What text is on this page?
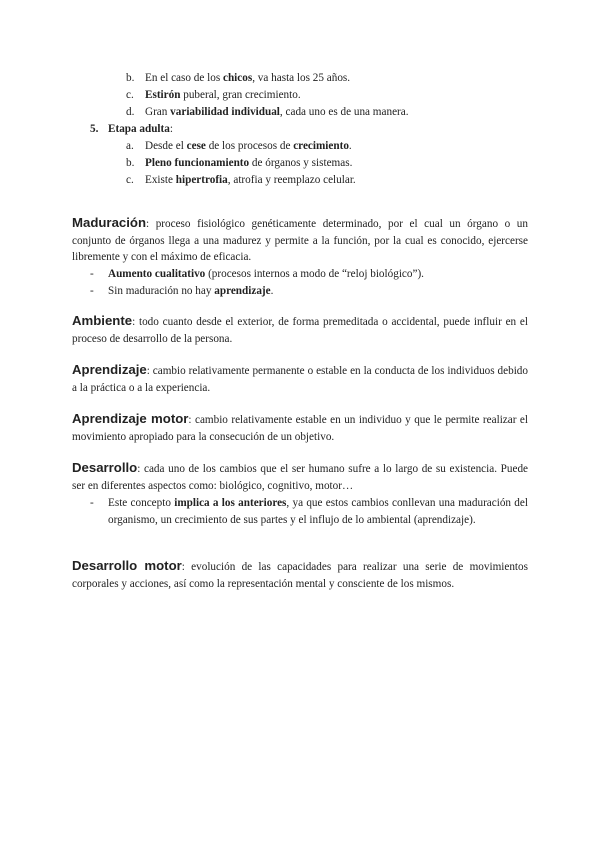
b. En el caso de los chicos, va hasta los 25 años.
c. Estirón puberal, gran crecimiento.
d. Gran variabilidad individual, cada uno es de una manera.
5. Etapa adulta:
a. Desde el cese de los procesos de crecimiento.
b. Pleno funcionamiento de órganos y sistemas.
c. Existe hipertrofia, atrofia y reemplazo celular.
Maduración: proceso fisiológico genéticamente determinado, por el cual un órgano o un conjunto de órganos llega a una madurez y permite a la función, por la cual es conocido, ejercerse libremente y con el máximo de eficacia.
- Aumento cualitativo (procesos internos a modo de “reloj biológico”).
- Sin maduración no hay aprendizaje.
Ambiente: todo cuanto desde el exterior, de forma premeditada o accidental, puede influir en el proceso de desarrollo de la persona.
Aprendizaje: cambio relativamente permanente o estable en la conducta de los individuos debido a la práctica o a la experiencia.
Aprendizaje motor: cambio relativamente estable en un individuo y que le permite realizar el movimiento apropiado para la consecución de un objetivo.
Desarrollo: cada uno de los cambios que el ser humano sufre a lo largo de su existencia. Puede ser en diferentes aspectos como: biológico, cognitivo, motor…
- Este concepto implica a los anteriores, ya que estos cambios conllevan una maduración del organismo, un crecimiento de sus partes y el influjo de lo ambiental (aprendizaje).
Desarrollo motor: evolución de las capacidades para realizar una serie de movimientos corporales y acciones, así como la representación mental y consciente de los mismos.
